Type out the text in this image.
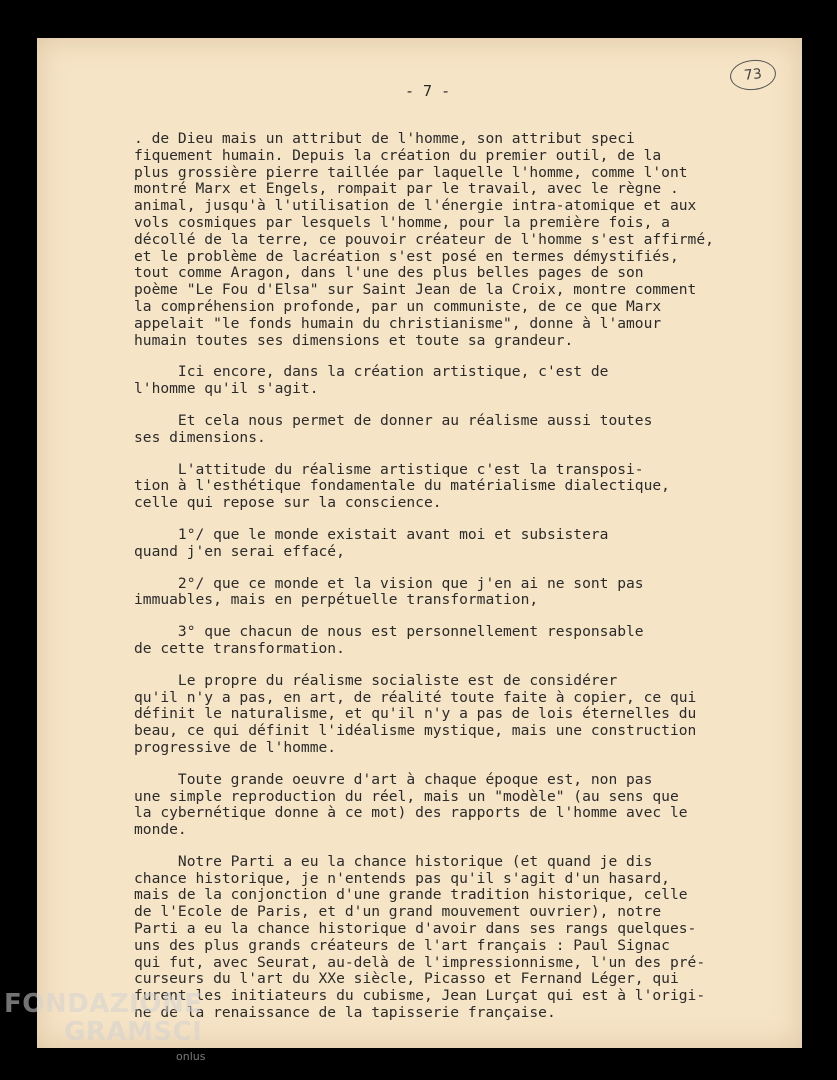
- 7 -
73
. de Dieu mais un attribut de l'homme, son attribut speci
fiquement humain. Depuis la création du premier outil, de la
plus grossière pierre taillée par laquelle l'homme, comme l'ont
montré Marx et Engels, rompait par le travail, avec le règne .
animal, jusqu'à l'utilisation de l'énergie intra-atomique et aux
vols cosmiques par lesquels l'homme, pour la première fois, a
décollé de la terre, ce pouvoir créateur de l'homme s'est affirmé,
et le problème de lacréation s'est posé en termes démystifiés,
tout comme Aragon, dans l'une des plus belles pages de son
poème "Le Fou d'Elsa" sur Saint Jean de la Croix, montre comment
la compréhension profonde, par un communiste, de ce que Marx
appelait "le fonds humain du christianisme", donne à l'amour
humain toutes ses dimensions et toute sa grandeur.
Ici encore, dans la création artistique, c'est de
l'homme qu'il s'agit.
Et cela nous permet de donner au réalisme aussi toutes
ses dimensions.
L'attitude du réalisme artistique c'est la transposi-
tion à l'esthétique fondamentale du matérialisme dialectique,
celle qui repose sur la conscience.
1°/ que le monde existait avant moi et subsistera
quand j'en serai effacé,
2°/ que ce monde et la vision que j'en ai ne sont pas
immuables, mais en perpétuelle transformation,
3° que chacun de nous est personnellement responsable
de cette transformation.
Le propre du réalisme socialiste est de considérer
qu'il n'y a pas, en art, de réalité toute faite à copier, ce qui
définit le naturalisme, et qu'il n'y a pas de lois éternelles du
beau, ce qui définit l'idéalisme mystique, mais une construction
progressive de l'homme.
Toute grande oeuvre d'art à chaque époque est, non pas
une simple reproduction du réel, mais un "modèle" (au sens que
la cybernétique donne à ce mot) des rapports de l'homme avec le
monde.
Notre Parti a eu la chance historique (et quand je dis
chance historique, je n'entends pas qu'il s'agit d'un hasard,
mais de la conjonction d'une grande tradition historique, celle
de l'Ecole de Paris, et d'un grand mouvement ouvrier), notre
Parti a eu la chance historique d'avoir dans ses rangs quelques-
uns des plus grands créateurs de l'art français : Paul Signac
qui fut, avec Seurat, au-delà de l'impressionnisme, l'un des pré-
curseurs du l'art du XXe siècle, Picasso et Fernand Léger, qui
furent les initiateurs du cubisme, Jean Lurçat qui est à l'origi-
ne de la renaissance de la tapisserie française.
FONDAZIONE
GRAMSCI
onlus
